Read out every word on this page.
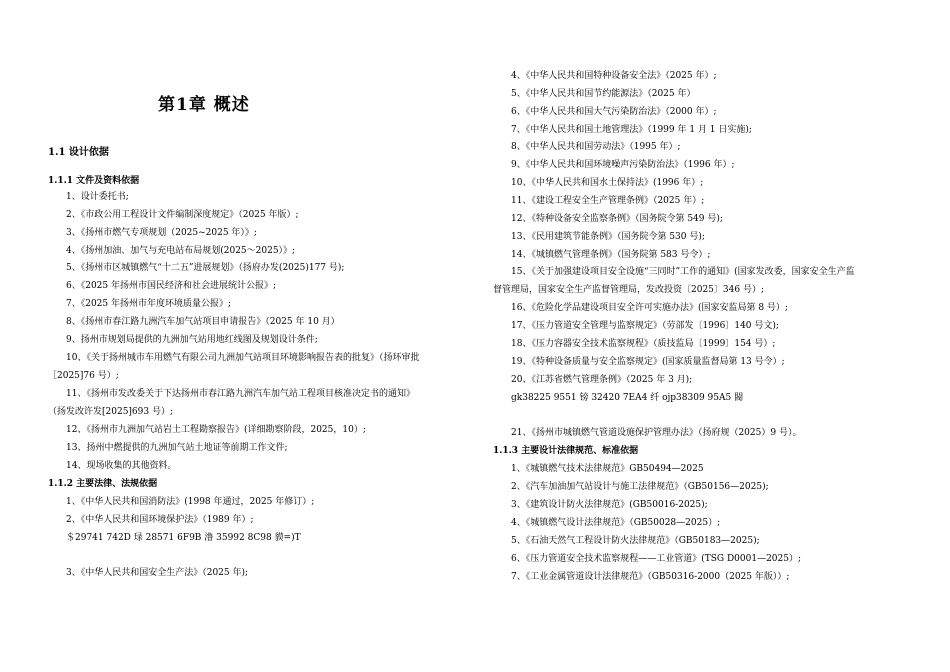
第1章 概述
1.1 设计依据
1.1.1 文件及资料依据
1、设计委托书;
2、《市政公用工程设计文件编制深度规定》（2025 年版）;
3、《扬州市燃气专项规划（2025~2025 年）》;
4、《扬州加油、加气与充电站布局规划(2025～2025）》;
5、《扬州市区城镇燃气“十二五”进展规划》（扬府办发(2025)177 号);
6、《2025 年扬州市国民经济和社会进展统计公报》;
7、《2025 年扬州市年度环境质量公报》;
8、《扬州市春江路九洲汽车加气站项目申请报告》（2025 年 10 月）
9、扬州市规划局提供的九洲加气站用地红线图及规划设计条件;
10、《关于扬州城市车用燃气有限公司九洲加气站项目环境影响报告表的批复》（扬环审批
［2025]76 号）;
11、《扬州市发改委关于下达扬州市春江路九洲汽车加气站工程项目核准决定书的通知》
（扬发改许发[2025]693 号）;
12、《扬州市九洲加气站岩土工程勘察报告》(详细勘察阶段，2025，10）;
13、扬州中燃提供的九洲加气站土地证等前期工作文件;
14、现场收集的其他资料。
1.1.2 主要法律、法规依据
1、《中华人民共和国消防法》(1998 年通过，2025 年修订）;
2、《中华人民共和国环境保护法》（1989 年）;
＄29741 742D 琭 28571 6F9B 澛 35992 8C98 貘=)T
3、《中华人民共和国安全生产法》（2025 年);
4、《中华人民共和国特种设备安全法》（2025 年）;
5、《中华人民共和国节约能源法》（2025 年）
6、《中华人民共和国大气污染防治法》（2000 年）;
7、《中华人民共和国土地管理法》（1999 年 1 月 1 日实施);
8、《中华人民共和国劳动法》（1995 年）;
9、《中华人民共和国环境噪声污染防治法》（1996 年）;
10、《中华人民共和国水土保持法》(1996 年）;
11、《建设工程安全生产管理条例》（2025 年）;
12、《特种设备安全监察条例》（国务院令第 549 号);
13、《民用建筑节能条例》（国务院令第 530 号);
14、《城镇燃气管理条例》（国务院第 583 号令）;
15、《关于加强建设项目安全设施“三同时”工作的通知》(国家发改委，国家安全生产监
督管理局，国家安全生产监督管理局，发改投资〔2025〕346 号）;
16、《危险化学品建设项目安全许可实施办法》(国家安监局第 8 号）;
17、《压力管道安全管理与监察规定》（劳部发〔1996〕140 号文);
18、《压力容器安全技术监察规程》（质技监局〔1999〕154 号）;
19、《特种设备质量与安全监察规定》(国家质量监督局第 13 号令）;
20、《江苏省燃气管理条例》（2025 年 3 月);
gk38225 9551 镑 32420 7EA4 纤 ojp38309 95A5 閥
21、《扬州市城镇燃气管道设施保护管理办法》（扬府规（2025）9 号）。
1.1.3 主要设计法律规范、标准依据
1、《城镇燃气技术法律规范》GB50494—2025
2、《汽车加油加气站设计与施工法律规范》（GB50156—2025);
3、《建筑设计防火法律规范》(GB50016-2025);
4、《城镇燃气设计法律规范》（GB50028—2025）;
5、《石油天然气工程设计防火法律规范》（GB50183—2025);
6、《压力管道安全技术监察规程——工业管道》(TSG D0001—2025）;
7、《工业金属管道设计法律规范》（GB50316-2000（2025 年版））;
